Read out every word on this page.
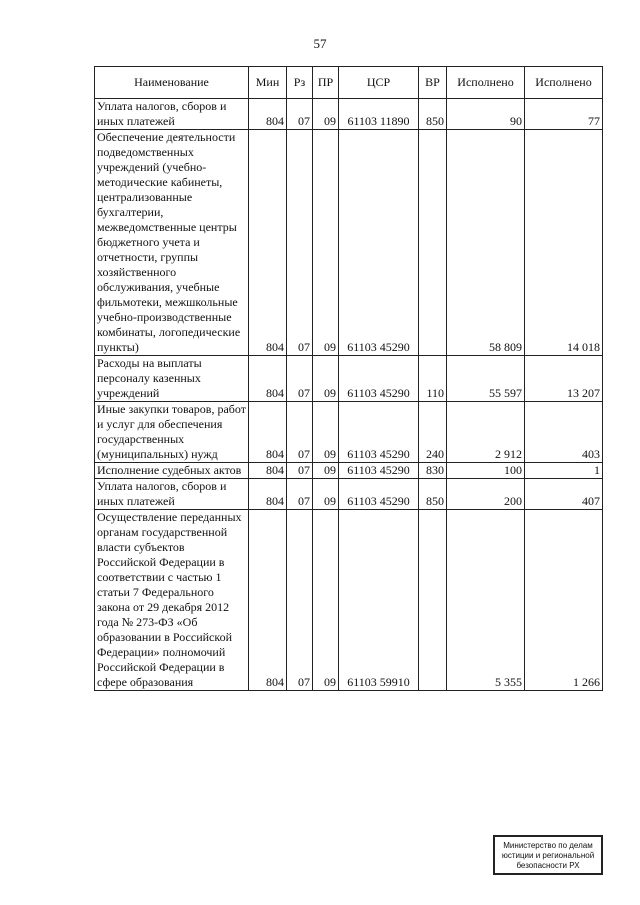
57
Наименование	Мин	Рз	ПР	ЦСР	ВР	Исполнено	Исполнено
Уплата налогов, сборов и иных платежей	804	07	09	61103 11890	850	90	77
Обеспечение деятельности подведомственных учреждений (учебно-методические кабинеты, централизованные бухгалтерии, межведомственные центры бюджетного учета и отчетности, группы хозяйственного обслуживания, учебные фильмотеки, межшкольные учебно-производственные комбинаты, логопедические пункты)	804	07	09	61103 45290		58 809	14 018
Расходы на выплаты персоналу казенных учреждений	804	07	09	61103 45290	110	55 597	13 207
Иные закупки товаров, работ и услуг для обеспечения государственных (муниципальных) нужд	804	07	09	61103 45290	240	2 912	403
Исполнение судебных актов	804	07	09	61103 45290	830	100	1
Уплата налогов, сборов и иных платежей	804	07	09	61103 45290	850	200	407
Осуществление переданных органам государственной власти субъектов Российской Федерации в соответствии с частью 1 статьи 7 Федерального закона от 29 декабря 2012 года № 273-ФЗ «Об образовании в Российской Федерации» полномочий Российской Федерации в сфере образования	804	07	09	61103 59910		5 355	1 266
Министерство по делам
юстиции и региональной
безопасности РХ
